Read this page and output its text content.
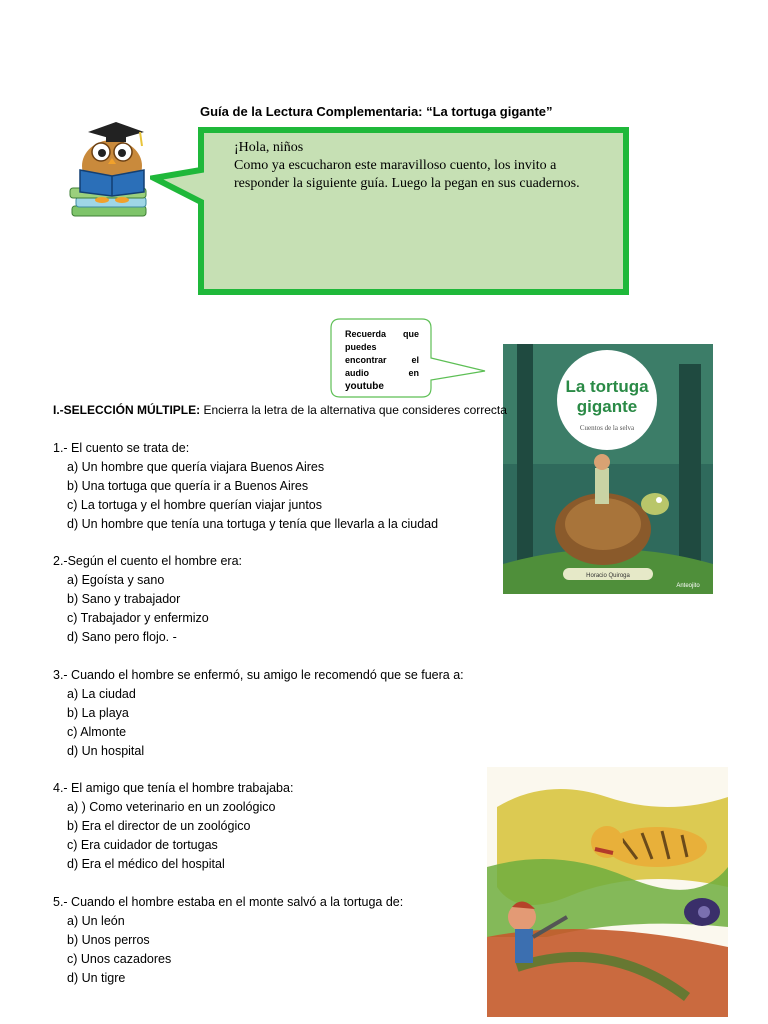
Guía de la Lectura Complementaria: “La tortuga gigante”
¡Hola, niños
Como ya escucharon este maravilloso cuento, los invito a
responder la siguiente guía. Luego la pegan en sus cuadernos.
Recuerda que
puedes
encontrar	el
audio	en
youtube	La tortuga
gigante
Cuentos de la selva
Horacio Quiroga
Anteojito
I.-SELECCIÓN MÚLTIPLE: Encierra la letra de la alternativa que consideres correcta
1.- El cuento se trata de:
a) Un hombre que quería viajara Buenos Aires
b) Una tortuga que quería ir a Buenos Aires
c) La tortuga y el hombre querían viajar juntos
d) Un hombre que tenía una tortuga y tenía que llevarla a la ciudad
2.-Según el cuento el hombre era:
a) Egoísta y sano
b) Sano y trabajador
c) Trabajador y enfermizo
d) Sano pero flojo. -
3.- Cuando el hombre se enfermó, su amigo le recomendó que se fuera a:
a) La ciudad
b) La playa
c) Almonte
d) Un hospital
4.- El amigo que tenía el hombre trabajaba:
a) ) Como veterinario en un zoológico
b) Era el director de un zoológico
c) Era cuidador de tortugas
d) Era el médico del hospital
5.- Cuando el hombre estaba en el monte salvó a la tortuga de:
a) Un león
b) Unos perros
c) Unos cazadores
d) Un tigre
